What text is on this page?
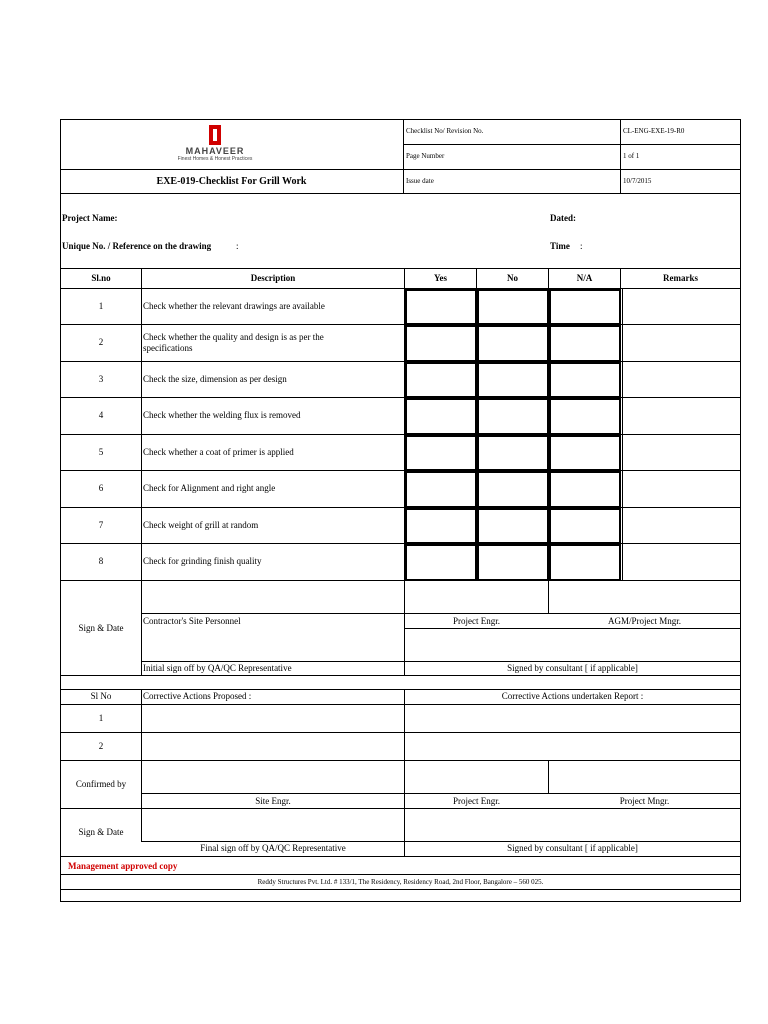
MAHAVEER
Finest Homes & Honest Practices
EXE-019-Checklist For Grill Work
Checklist No/ Revision No.	CL-ENG-EXE-19-R0
Page Number	1 of 1
Issue date	10/7/2015
Project Name:	Dated:
Unique No. / Reference on the drawing	:	Time :
Sl.no	Description	Yes	No	N/A	Remarks
1	Check whether the relevant drawings are available
2	Check whether the quality and design is as per the specifications
3	Check the size, dimension as per design
4	Check whether the welding flux is removed
5	Check whether a coat of primer is applied
6	Check for Alignment and right angle
7	Check weight of grill at random
8	Check for grinding finish quality
Sign & Date
Contractor's Site Personnel	Project Engr.	AGM/Project Mngr.
Initial sign off by QA/QC Representative	Signed by consultant [ if applicable]
Sl No	Corrective Actions Proposed :	Corrective Actions undertaken Report :
1
2
Confirmed by
Site Engr.	Project Engr.	Project Mngr.
Sign & Date
Final sign off by QA/QC Representative	Signed by consultant [ if applicable]
Management approved copy
Reddy Structures Pvt. Ltd. # 133/1, The Residency, Residency Road, 2nd Floor, Bangalore – 560 025.
